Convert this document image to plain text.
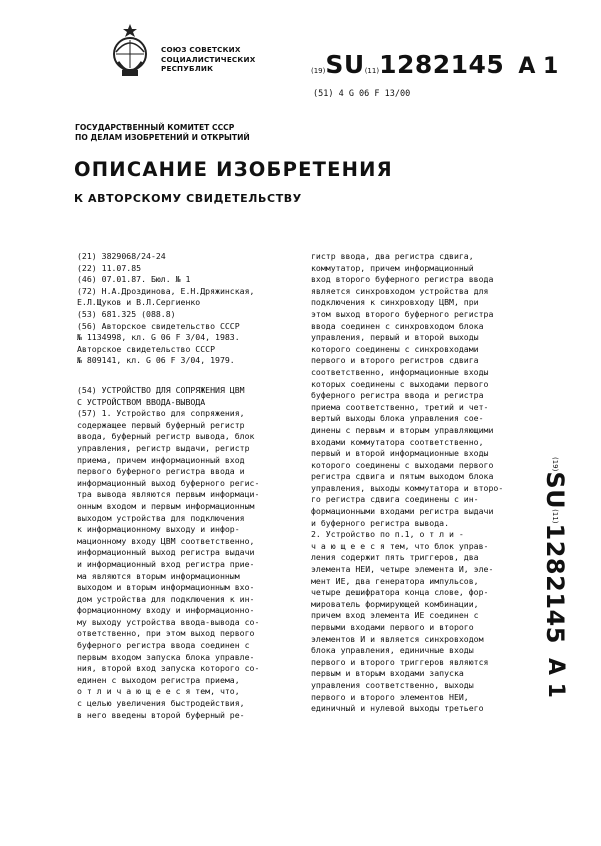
СОЮЗ СОВЕТСКИХ
СОЦИАЛИСТИЧЕСКИХ
РЕСПУБЛИК	(19)SU(11)1282145 A 1
(51) 4 G 06 F 13/00
ГОСУДАРСТВЕННЫЙ КОМИТЕТ СССР
ПО ДЕЛАМ ИЗОБРЕТЕНИЙ И ОТКРЫТИЙ
ОПИСАНИЕ ИЗОБРЕТЕНИЯ
К АВТОРСКОМУ СВИДЕТЕЛЬСТВУ
(21) 3829068/24-24
(22) 11.07.85
(46) 07.01.87. Бюл. № 1
(72) Н.А.Дроздинова, Е.Н.Дряжинская,
Е.Л.Щуков и В.Л.Сергиенко
(53) 681.325 (088.8)
(56) Авторское свидетельство СССР
№ 1134998, кл. G 06 F 3/04, 1983.
Авторское свидетельство СССР
№ 809141, кл. G 06 F 3/04, 1979.
(54) УСТРОЙСТВО ДЛЯ СОПРЯЖЕНИЯ ЦВМ
С УСТРОЙСТВОМ ВВОДА-ВЫВОДА
(57) 1. Устройство для сопряжения,
содержащее первый буферный регистр
ввода, буферный регистр вывода, блок
управления, регистр выдачи, регистр
приема, причем информационный вход
первого буферного регистра ввода и
информационный выход буферного регис-
тра вывода являются первым информаци-
онным входом и первым информационным
выходом устройства для подключения
к информационному выходу и инфор-
мационному входу ЦВМ соответственно,
информационный выход регистра выдачи
и информационный вход регистра прие-
ма являются вторым информационным
выходом и вторым информационным вхо-
дом устройства для подключения к ин-
формационному входу и информационно-
му выходу устройства ввода-вывода со-
ответственно, при этом выход первого
буферного регистра ввода соединен с
первым входом запуска блока управле-
ния, второй вход запуска которого со-
единен с выходом регистра приема,
о т л и ч а ю щ е е с я тем, что,
с целью увеличения быстродействия,
в него введены второй буферный ре-
гистр ввода, два регистра сдвига,
коммутатор, причем информационный
вход второго буферного регистра ввода
является синхровходом устройства для
подключения к синхровходу ЦВМ, при
этом выход второго буферного регистра
ввода соединен с синхровходом блока
управления, первый и второй выходы
которого соединены с синхровходами
первого и второго регистров сдвига
соответственно, информационные входы
которых соединены с выходами первого
буферного регистра ввода и регистра
приема соответственно, третий и чет-
вертый выходы блока управления сое-
динены с первым и вторым управляющими
входами коммутатора соответственно,
первый и второй информационные входы
которого соединены с выходами первого
регистра сдвига и пятым выходом блока
управления, выходы коммутатора и второ-
го регистра сдвига соединены с ин-
формационными входами регистра выдачи
и буферного регистра вывода.
2. Устройство по п.1, о т л и -
ч а ю щ е е с я тем, что блок управ-
ления содержит пять триггеров, два
элемента НЕИ, четыре элемента И, эле-
мент ИЕ, два генератора импульсов,
четыре дешифратора конца слове, фор-
мирователь формирующей комбинации,
причем вход элемента ИЕ соединен с
первыми входами первого и второго
элементов И и является синхровходом
блока управления, единичные входы
первого и второго триггеров являются
первым и вторым входами запуска
управления соответственно, выходы
первого и второго элементов НЕИ,
единичный и нулевой выходы третьего
(19)SU(11)1282145A 1
